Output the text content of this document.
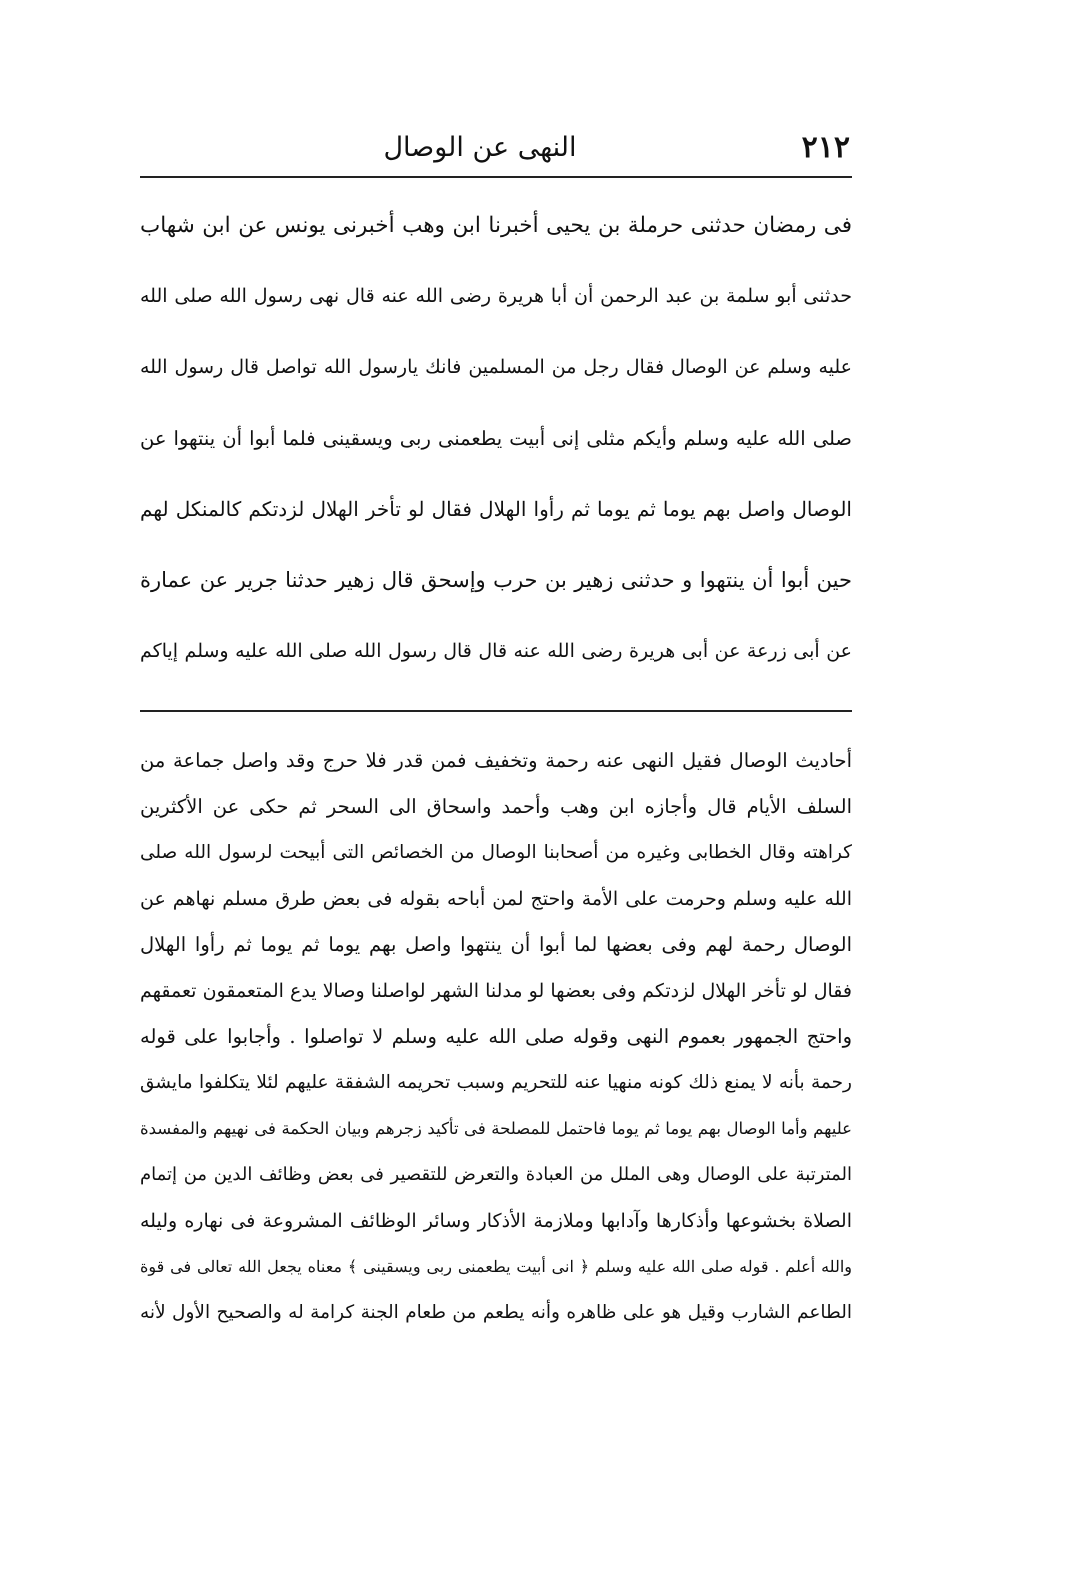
٢١٢
النهى عن الوصال
فى رمضان حدثنى حرملة بن يحيى أخبرنا ابن وهب أخبرنى يونس عن ابن شهاب
حدثنى أبو سلمة بن عبد الرحمن أن أبا هريرة رضى الله عنه قال نهى رسول الله صلى الله
عليه وسلم عن الوصال فقال رجل من المسلمين فانك يارسول الله تواصل قال رسول الله
صلى الله عليه وسلم وأيكم مثلى إنى أبيت يطعمنى ربى ويسقينى فلما أبوا أن ينتهوا عن
الوصال واصل بهم يوما ثم يوما ثم رأوا الهلال فقال لو تأخر الهلال لزدتكم كالمنكل لهم
حين أبوا أن ينتهوا و حدثنى زهير بن حرب وإسحق قال زهير حدثنا جرير عن عمارة
عن أبى زرعة عن أبى هريرة رضى الله عنه قال قال رسول الله صلى الله عليه وسلم إياكم
أحاديث الوصال فقيل النهى عنه رحمة وتخفيف فمن قدر فلا حرج وقد واصل جماعة من
السلف الأيام قال وأجازه ابن وهب وأحمد واسحاق الى السحر ثم حكى عن الأكثرين
كراهته وقال الخطابى وغيره من أصحابنا الوصال من الخصائص التى أبيحت لرسول الله صلى
الله عليه وسلم وحرمت على الأمة واحتج لمن أباحه بقوله فى بعض طرق مسلم نهاهم عن
الوصال رحمة لهم وفى بعضها لما أبوا أن ينتهوا واصل بهم يوما ثم يوما ثم رأوا الهلال
فقال لو تأخر الهلال لزدتكم وفى بعضها لو مدلنا الشهر لواصلنا وصالا يدع المتعمقون تعمقهم
واحتج الجمهور بعموم النهى وقوله صلى الله عليه وسلم لا تواصلوا . وأجابوا على قوله
رحمة بأنه لا يمنع ذلك كونه منهيا عنه للتحريم وسبب تحريمه الشفقة عليهم لئلا يتكلفوا مايشق
عليهم وأما الوصال بهم يوما ثم يوما فاحتمل للمصلحة فى تأكيد زجرهم وبيان الحكمة فى نهيهم والمفسدة
المترتبة على الوصال وهى الملل من العبادة والتعرض للتقصير فى بعض وظائف الدين من إتمام
الصلاة بخشوعها وأذكارها وآدابها وملازمة الأذكار وسائر الوظائف المشروعة فى نهاره وليله
والله أعلم . قوله صلى الله عليه وسلم ﴿ انى أبيت يطعمنى ربى ويسقينى ﴾ معناه يجعل الله تعالى فى قوة
الطاعم الشارب وقيل هو على ظاهره وأنه يطعم من طعام الجنة كرامة له والصحيح الأول لأنه
